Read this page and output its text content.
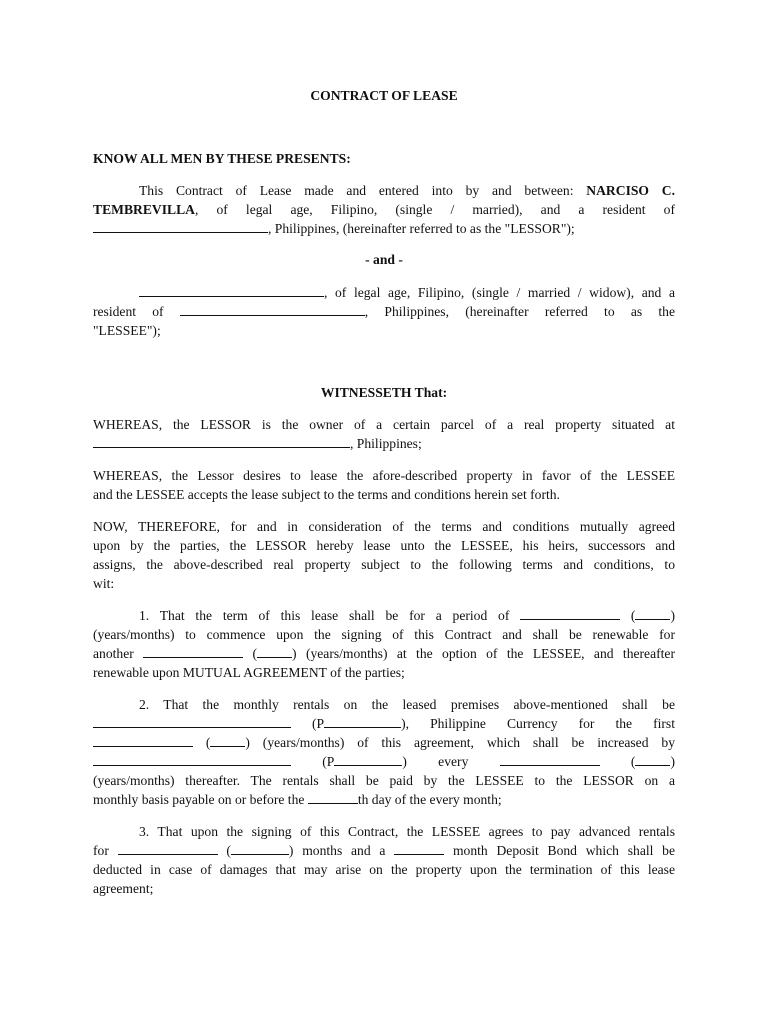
CONTRACT OF LEASE
KNOW ALL MEN BY THESE PRESENTS:
This Contract of Lease made and entered into by and between: NARCISO C.
TEMBREVILLA, of legal age, Filipino, (single / married), and a resident of
, Philippines, (hereinafter referred to as the "LESSOR");
- and -
, of legal age, Filipino, (single / married / widow), and a
resident of	, Philippines, (hereinafter referred to as the
"LESSEE");
WITNESSETH That:
WHEREAS, the LESSOR is the owner of a certain parcel of a real property situated at
, Philippines;
WHEREAS, the Lessor desires to lease the afore-described property in favor of the LESSEE
and the LESSEE accepts the lease subject to the terms and conditions herein set forth.
NOW, THEREFORE, for and in consideration of the terms and conditions mutually agreed
upon by the parties, the LESSOR hereby lease unto the LESSEE, his heirs, successors and
assigns, the above-described real property subject to the following terms and conditions, to
wit:
1. That the term of this lease shall be for a period of	(	)
(years/months) to commence upon the signing of this Contract and shall be renewable for
another	(	) (years/months) at the option of the LESSEE, and thereafter
renewable upon MUTUAL AGREEMENT of the parties;
2. That the monthly rentals on the leased premises above-mentioned shall be
(P	), Philippine Currency for the first
(	) (years/months) of this agreement, which shall be increased by
(P	) every	(	)
(years/months) thereafter. The rentals shall be paid by the LESSEE to the LESSOR on a
monthly basis payable on or before the	th day of the every month;
3. That upon the signing of this Contract, the LESSEE agrees to pay advanced rentals
for	(	) months and a	month Deposit Bond which shall be
deducted in case of damages that may arise on the property upon the termination of this lease
agreement;
